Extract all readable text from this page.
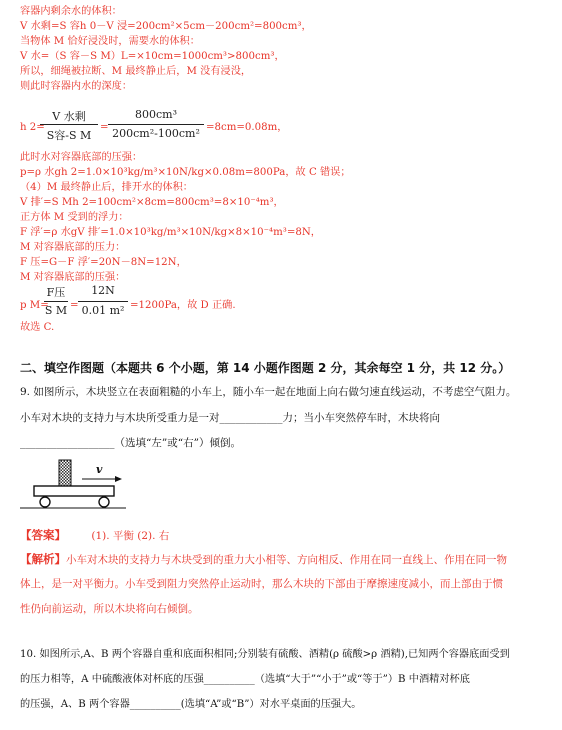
容器内剩余水的体积：
V 水剩=S 容h 0－V 浸=200cm²×5cm－200cm²=800cm³，
当物体 M 恰好浸没时，需要水的体积：
V 水=（S 容－S M）L=×10cm=1000cm³>800cm³，
所以，细绳被拉断、M 最终静止后，M 没有浸没，
则此时容器内水的深度：
h 2=
V 水剩
S容-S M
=
800cm³
200cm²-100cm² =8cm=0.08m，
此时水对容器底部的压强：
p=ρ 水gh 2=1.0×10³kg/m³×10N/kg×0.08m=800Pa，故 C 错误；
（4）M 最终静止后，排开水的体积：
V 排′=S Mh 2=100cm²×8cm=800cm³=8×10⁻⁴m³，
正方体 M 受到的浮力：
F 浮′=ρ 水gV 排′=1.0×10³kg/m³×10N/kg×8×10⁻⁴m³=8N，
M 对容器底部的压力：
F 压=G－F 浮′=20N－8N=12N，
M 对容器底部的压强：
p M=
F压
S M =
12N
0.01 m² =1200Pa，故 D 正确.
故选 C.
二、填空作图题（本题共 6 个小题，第 14 小题作图题 2 分，其余每空 1 分，共 12 分。）
9. 如图所示，木块竖立在表面粗糙的小车上，随小车一起在地面上向右做匀速直线运动，不考虑空气阻力。
小车对木块的支持力与木块所受重力是一对____________力；当小车突然停车时，木块将向
__________________（选填“左”或“右”）倾倒。
v
【答案】 (1). 平衡 (2). 右
【解析】小车对木块的支持力与木块受到的重力大小相等、方向相反、作用在同一直线上、作用在同一物
体上，是一对平衡力。小车受到阻力突然停止运动时，那么木块的下部由于摩擦速度减小，而上部由于惯
性仍向前运动，所以木块将向右倾倒。
10. 如图所示,A、B 两个容器自重和底面积相同;分别装有硫酸、酒精(ρ 硫酸>ρ 酒精),已知两个容器底面受到
的压力相等，A 中硫酸液体对杯底的压强__________（选填“大于”“小于”或“等于”）B 中酒精对杯底
的压强，A、B 两个容器__________(选填“A”或“B”）对水平桌面的压强大。
